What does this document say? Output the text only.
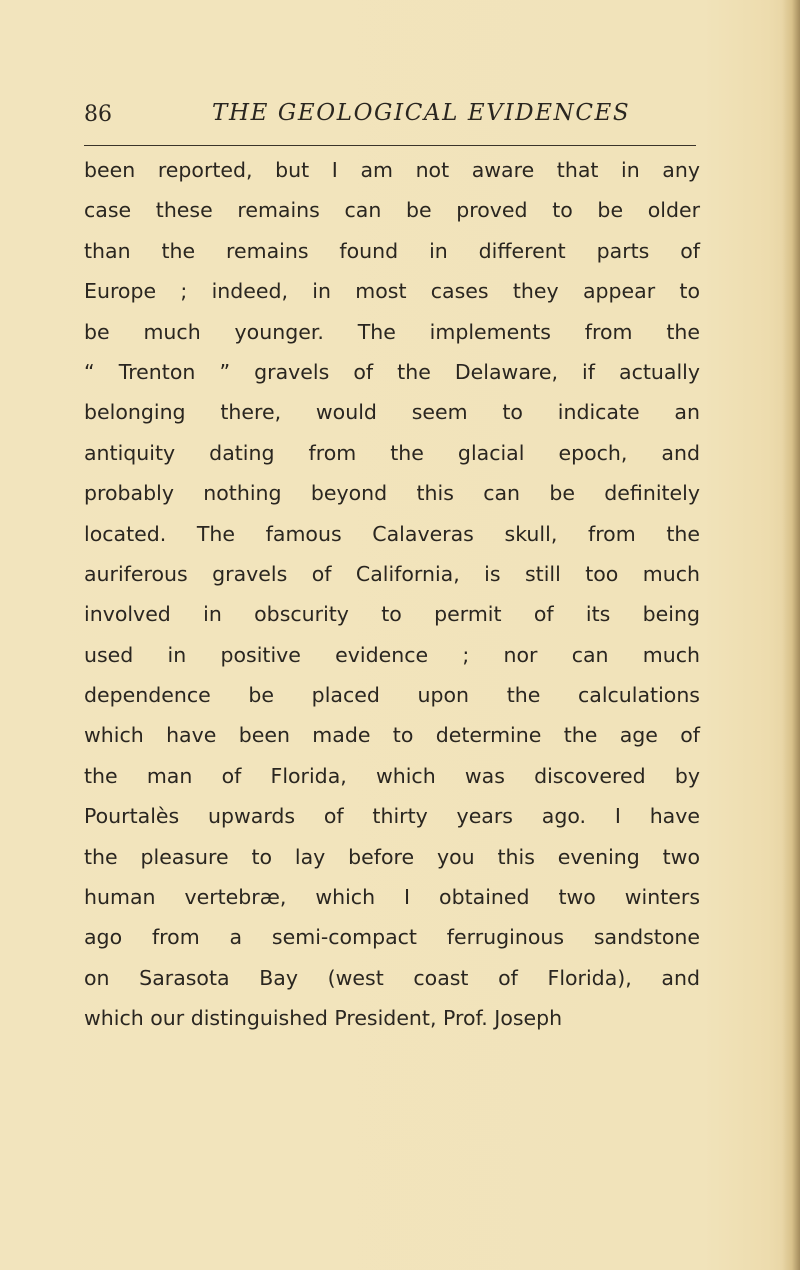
86	THE GEOLOGICAL EVIDENCES
been reported, but I am not aware that in any
case these remains can be proved to be older
than the remains found in different parts of
Europe ; indeed, in most cases they appear to
be much younger. The implements from the
“ Trenton ” gravels of the Delaware, if actually
belonging there, would seem to indicate an
antiquity dating from the glacial epoch, and
probably nothing beyond this can be definitely
located. The famous Calaveras skull, from the
auriferous gravels of California, is still too much
involved in obscurity to permit of its being
used in positive evidence ; nor can much
dependence be placed upon the calculations
which have been made to determine the age of
the man of Florida, which was discovered by
Pourtalès upwards of thirty years ago. I have
the pleasure to lay before you this evening two
human vertebræ, which I obtained two winters
ago from a semi-compact ferruginous sandstone
on Sarasota Bay (west coast of Florida), and
which our distinguished President, Prof. Joseph
